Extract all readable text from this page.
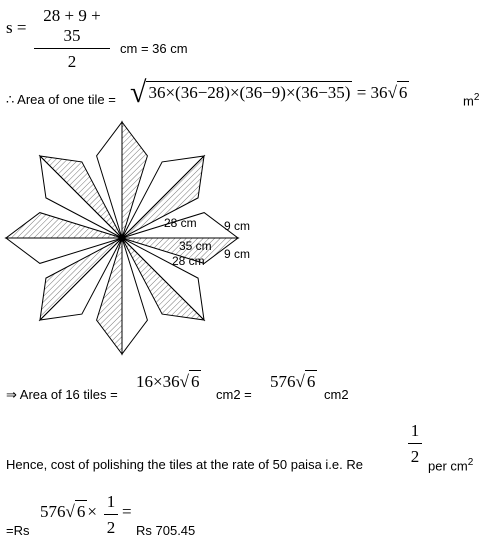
s =
28 + 9 + 35
2
cm = 36 cm
∴ Area of one tile = √ 36×(36−28)×(36−9)×(36−35) = 36√ 6	$m^2$
28 cm 9 cm
35 cm
28 cm 9 cm
⇒ Area of 16 tiles =
16×36√ 6
cm2 =
576√ 6
cm2
Hence, cost of polishing the tiles at the rate of 50 paisa i.e. Re
1
2 per $cm^2$
=Rs
576√ 6 ×
1
2
=
Rs 705.45
